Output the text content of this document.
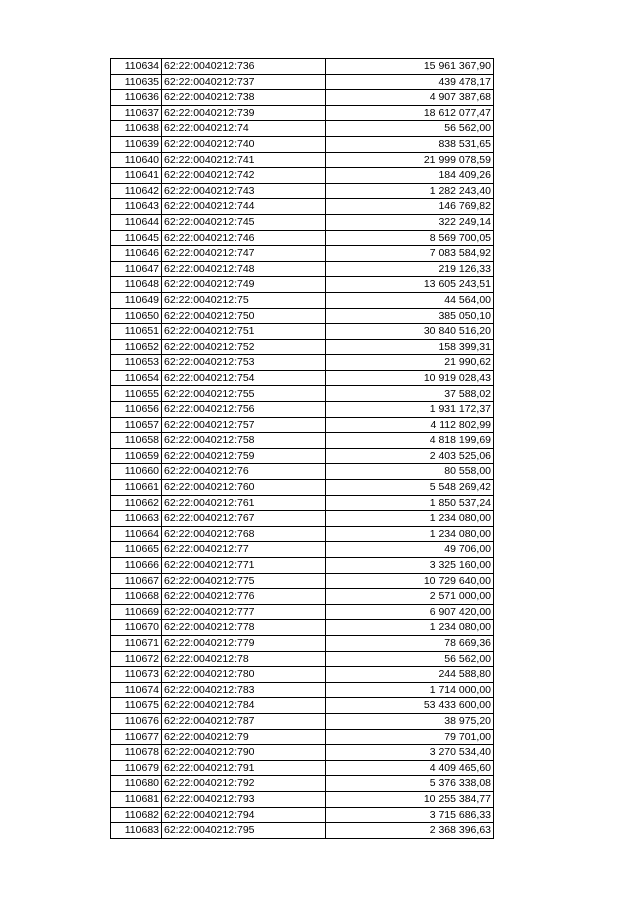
110634	62:22:0040212:736	15 961 367,90
110635	62:22:0040212:737	439 478,17
110636	62:22:0040212:738	4 907 387,68
110637	62:22:0040212:739	18 612 077,47
110638	62:22:0040212:74	56 562,00
110639	62:22:0040212:740	838 531,65
110640	62:22:0040212:741	21 999 078,59
110641	62:22:0040212:742	184 409,26
110642	62:22:0040212:743	1 282 243,40
110643	62:22:0040212:744	146 769,82
110644	62:22:0040212:745	322 249,14
110645	62:22:0040212:746	8 569 700,05
110646	62:22:0040212:747	7 083 584,92
110647	62:22:0040212:748	219 126,33
110648	62:22:0040212:749	13 605 243,51
110649	62:22:0040212:75	44 564,00
110650	62:22:0040212:750	385 050,10
110651	62:22:0040212:751	30 840 516,20
110652	62:22:0040212:752	158 399,31
110653	62:22:0040212:753	21 990,62
110654	62:22:0040212:754	10 919 028,43
110655	62:22:0040212:755	37 588,02
110656	62:22:0040212:756	1 931 172,37
110657	62:22:0040212:757	4 112 802,99
110658	62:22:0040212:758	4 818 199,69
110659	62:22:0040212:759	2 403 525,06
110660	62:22:0040212:76	80 558,00
110661	62:22:0040212:760	5 548 269,42
110662	62:22:0040212:761	1 850 537,24
110663	62:22:0040212:767	1 234 080,00
110664	62:22:0040212:768	1 234 080,00
110665	62:22:0040212:77	49 706,00
110666	62:22:0040212:771	3 325 160,00
110667	62:22:0040212:775	10 729 640,00
110668	62:22:0040212:776	2 571 000,00
110669	62:22:0040212:777	6 907 420,00
110670	62:22:0040212:778	1 234 080,00
110671	62:22:0040212:779	78 669,36
110672	62:22:0040212:78	56 562,00
110673	62:22:0040212:780	244 588,80
110674	62:22:0040212:783	1 714 000,00
110675	62:22:0040212:784	53 433 600,00
110676	62:22:0040212:787	38 975,20
110677	62:22:0040212:79	79 701,00
110678	62:22:0040212:790	3 270 534,40
110679	62:22:0040212:791	4 409 465,60
110680	62:22:0040212:792	5 376 338,08
110681	62:22:0040212:793	10 255 384,77
110682	62:22:0040212:794	3 715 686,33
110683	62:22:0040212:795	2 368 396,63
